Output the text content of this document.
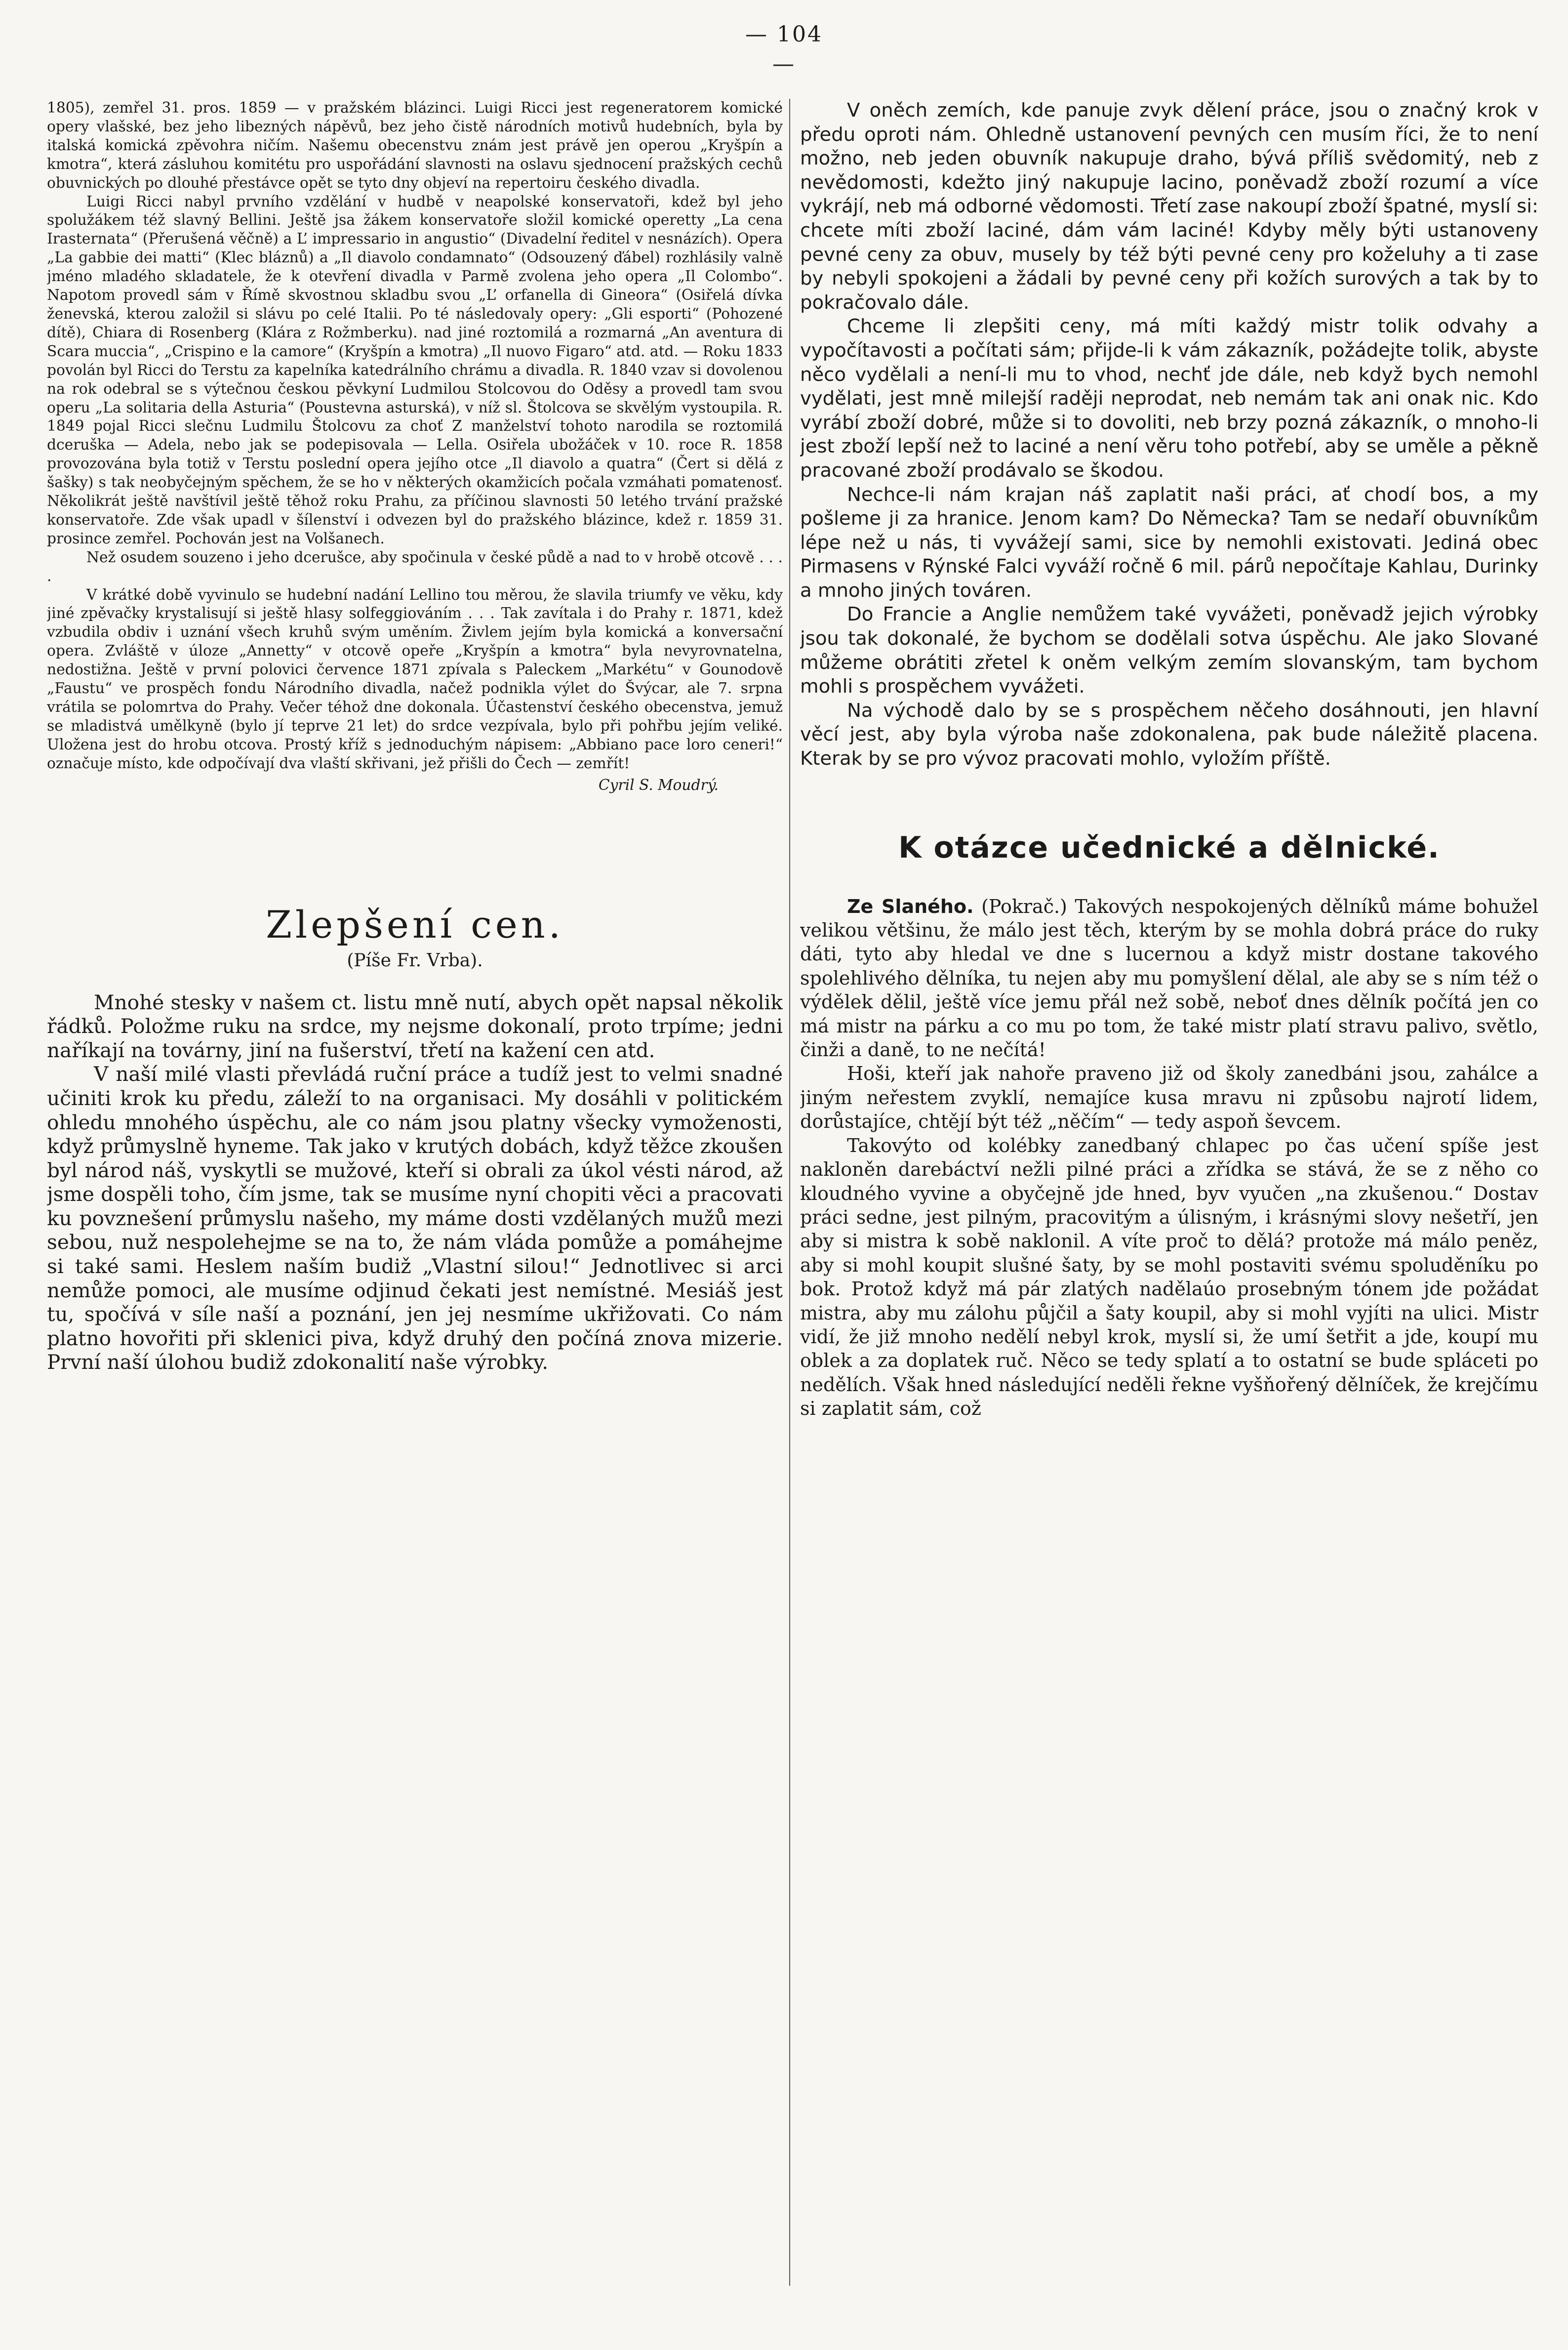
— 104 —

1805), zemřel 31. pros. 1859 — v pražském blázinci. Luigi Ricci jest regeneratorem komické opery vlašské, bez jeho libezných nápěvů, bez jeho čistě národních motivů hudebních, byla by italská komická zpěvohra ničím. Našemu obecenstvu znám jest právě jen operou „Kryšpín a kmotra“, která zásluhou komitétu pro uspořádání slavnosti na oslavu sjednocení pražských cechů obuvnických po dlouhé přestávce opět se tyto dny objeví na repertoiru českého divadla.

Luigi Ricci nabyl prvního vzdělání v hudbě v neapolské konservatoři, kdež byl jeho spolužákem též slavný Bellini. Ještě jsa žákem konservatoře složil komické operetty „La cena Irasternata“ (Přerušená věčně) a L’ impressario in angustio“ (Divadelní ředitel v nesnázích). Opera „La gabbie dei matti“ (Klec bláznů) a „Il diavolo condamnato“ (Odsouzený ďábel) rozhlásily valně jméno mladého skladatele, že k otevření divadla v Parmě zvolena jeho opera „Il Colombo“. Napotom provedl sám v Římě skvostnou skladbu svou „L’ orfanella di Gineora“ (Osiřelá dívka ženevská, kterou založil si slávu po celé Italii. Po té následovaly opery: „Gli esporti“ (Pohozené dítě), Chiara di Rosenberg (Klára z Rožmberku). nad jiné roztomilá a rozmarná „An aventura di Scara muccia“, „Crispino e la camore“ (Kryšpín a kmotra) „Il nuovo Figaro“ atd. atd. — Roku 1833 povolán byl Ricci do Terstu za kapelníka katedrálního chrámu a divadla. R. 1840 vzav si dovolenou na rok odebral se s výtečnou českou pěvkyní Ludmilou Stolcovou do Oděsy a provedl tam svou operu „La solitaria della Asturia“ (Poustevna asturská), v níž sl. Štolcova se skvělým vystoupila. R. 1849 pojal Ricci slečnu Ludmilu Štolcovu za choť Z manželství tohoto narodila se roztomilá dceruška — Adela, nebo jak se podepisovala — Lella. Osiřela ubožáček v 10. roce R. 1858 provozována byla totiž v Terstu poslední opera jejího otce „Il diavolo a quatra“ (Čert si dělá z šašky) s tak neobyčejným spěchem, že se ho v některých okamžicích počala vzmáhati pomatenosť. Několikrát ještě navštívil ještě těhož roku Prahu, za příčinou slavnosti 50 letého trvání pražské konservatoře. Zde však upadl v šílenství i odvezen byl do pražského blázince, kdež r. 1859 31. prosince zemřel. Pochován jest na Volšanech.

Než osudem souzeno i jeho dcerušce, aby spočinula v české půdě a nad to v hrobě otcově . . . .

V krátké době vyvinulo se hudební nadání Lellino tou měrou, že slavila triumfy ve věku, kdy jiné zpěvačky krystalisují si ještě hlasy solfeggiováním . . . Tak zavítala i do Prahy r. 1871, kdež vzbudila obdiv i uznání všech kruhů svým uměním. Živlem jejím byla komická a konversační opera. Zvláště v úloze „Annetty“ v otcově opeře „Kryšpín a kmotra“ byla nevyrovnatelna, nedostižna. Ještě v první polovici července 1871 zpívala s Paleckem „Markétu“ v Gounodově „Faustu“ ve prospěch fondu Národního divadla, načež podnikla výlet do Švýcar, ale 7. srpna vrátila se polomrtva do Prahy. Večer téhož dne dokonala. Účastenství českého obecenstva, jemuž se mladistvá umělkyně (bylo jí teprve 21 let) do srdce vezpívala, bylo při pohřbu jejím veliké. Uložena jest do hrobu otcova. Prostý kříž s jednoduchým nápisem: „Abbiano pace loro ceneri!“ označuje místo, kde odpočívají dva vlaští skřivani, jež přišli do Čech — zemřít!

Cyril S. Moudrý.
Zlepšení cen.
(Píše Fr. Vrba).

Mnohé stesky v našem ct. listu mně nutí, abych opět napsal několik řádků. Položme ruku na srdce, my nejsme dokonalí, proto trpíme; jedni naříkají na továrny, jiní na fušerství, třetí na kažení cen atd.

V naší milé vlasti převládá ruční práce a tudíž jest to velmi snadné učiniti krok ku předu, záleží to na organisaci. My dosáhli v politickém ohledu mnohého úspěchu, ale co nám jsou platny všecky vymoženosti, když průmyslně hyneme. Tak jako v krutých dobách, když těžce zkoušen byl národ náš, vyskytli se mužové, kteří si obrali za úkol vésti národ, až jsme dospěli toho, čím jsme, tak se musíme nyní chopiti věci a pracovati ku povznešení průmyslu našeho, my máme dosti vzdělaných mužů mezi sebou, nuž nespolehejme se na to, že nám vláda pomůže a pomáhejme si také sami. Heslem naším budiž „Vlastní silou!“ Jednotlivec si arci nemůže pomoci, ale musíme odjinud čekati jest nemístné. Mesiáš jest tu, spočívá v síle naší a poznání, jen jej nesmíme ukřižovati. Co nám platno hovořiti při sklenici piva, když druhý den počíná znova mizerie. První naší úlohou budiž zdokonalití naše výrobky.

V oněch zemích, kde panuje zvyk dělení práce, jsou o značný krok v předu oproti nám. Ohledně ustanovení pevných cen musím říci, že to není možno, neb jeden obuvník nakupuje draho, bývá příliš svědomitý, neb z nevědomosti, kdežto jiný nakupuje lacino, poněvadž zboží rozumí a více vykrájí, neb má odborné vědomosti. Třetí zase nakoupí zboží špatné, myslí si: chcete míti zboží laciné, dám vám laciné! Kdyby měly býti ustanoveny pevné ceny za obuv, musely by též býti pevné ceny pro koželuhy a ti zase by nebyli spokojeni a žádali by pevné ceny při kožích surových a tak by to pokračovalo dále.

Chceme li zlepšiti ceny, má míti každý mistr tolik odvahy a vypočítavosti a počítati sám; přijde-li k vám zákazník, požádejte tolik, abyste něco vydělali a není-li mu to vhod, nechť jde dále, neb když bych nemohl vydělati, jest mně milejší raději neprodat, neb nemám tak ani onak nic. Kdo vyrábí zboží dobré, může si to dovoliti, neb brzy pozná zákazník, o mnoho-li jest zboží lepší než to laciné a není věru toho potřebí, aby se uměle a pěkně pracované zboží prodávalo se škodou.

Nechce-li nám krajan náš zaplatit naši práci, ať chodí bos, a my pošleme ji za hranice. Jenom kam? Do Německa? Tam se nedaří obuvníkům lépe než u nás, ti vyvážejí sami, sice by nemohli existovati. Jediná obec Pirmasens v Rýnské Falci vyváží ročně 6 mil. párů nepočítaje Kahlau, Durinky a mnoho jiných továren.

Do Francie a Anglie nemůžem také vyvážeti, poněvadž jejich výrobky jsou tak dokonalé, že bychom se dodělali sotva úspěchu. Ale jako Slované můžeme obrátiti zřetel k oněm velkým zemím slovanským, tam bychom mohli s prospěchem vyvážeti.

Na východě dalo by se s prospěchem něčeho dosáhnouti, jen hlavní věcí jest, aby byla výroba naše zdokonalena, pak bude náležitě placena. Kterak by se pro vývoz pracovati mohlo, vyložím příště.

K otázce učednické a dělnické.

Ze Slaného. (Pokrač.) Takových nespokojených dělníků máme bohužel velikou většinu, že málo jest těch, kterým by se mohla dobrá práce do ruky dáti, tyto aby hledal ve dne s lucernou a když mistr dostane takového spolehlivého dělníka, tu nejen aby mu pomyšlení dělal, ale aby se s ním též o výdělek dělil, ještě více jemu přál než sobě, neboť dnes dělník počítá jen co má mistr na párku a co mu po tom, že také mistr platí stravu palivo, světlo, činži a daně, to ne nečítá!

Hoši, kteří jak nahoře praveno již od školy zanedbáni jsou, zahálce a jiným neřestem zvyklí, nemajíce kusa mravu ni způsobu najrotí lidem, dorůstajíce, chtějí být též „něčím“ — tedy aspoň ševcem.

Takovýto od kolébky zanedbaný chlapec po čas učení spíše jest nakloněn darebáctví nežli pilné práci a zřídka se stává, že se z něho co kloudného vyvine a obyčejně jde hned, byv vyučen „na zkušenou.“ Dostav práci sedne, jest pilným, pracovitým a úlisným, i krásnými slovy nešetří, jen aby si mistra k sobě naklonil. A víte proč to dělá? protože má málo peněz, aby si mohl koupit slušné šaty, by se mohl postaviti svému spoluděníku po bok. Protož když má pár zlatých nadělaúo prosebným tónem jde požádat mistra, aby mu zálohu půjčil a šaty koupil, aby si mohl vyjíti na ulici. Mistr vidí, že již mnoho nedělí nebyl krok, myslí si, že umí šetřit a jde, koupí mu oblek a za doplatek ruč. Něco se tedy splatí a to ostatní se bude spláceti po nedělích. Však hned následující neděli řekne vyšňořený dělníček, že krejčímu si zaplatit sám, což
